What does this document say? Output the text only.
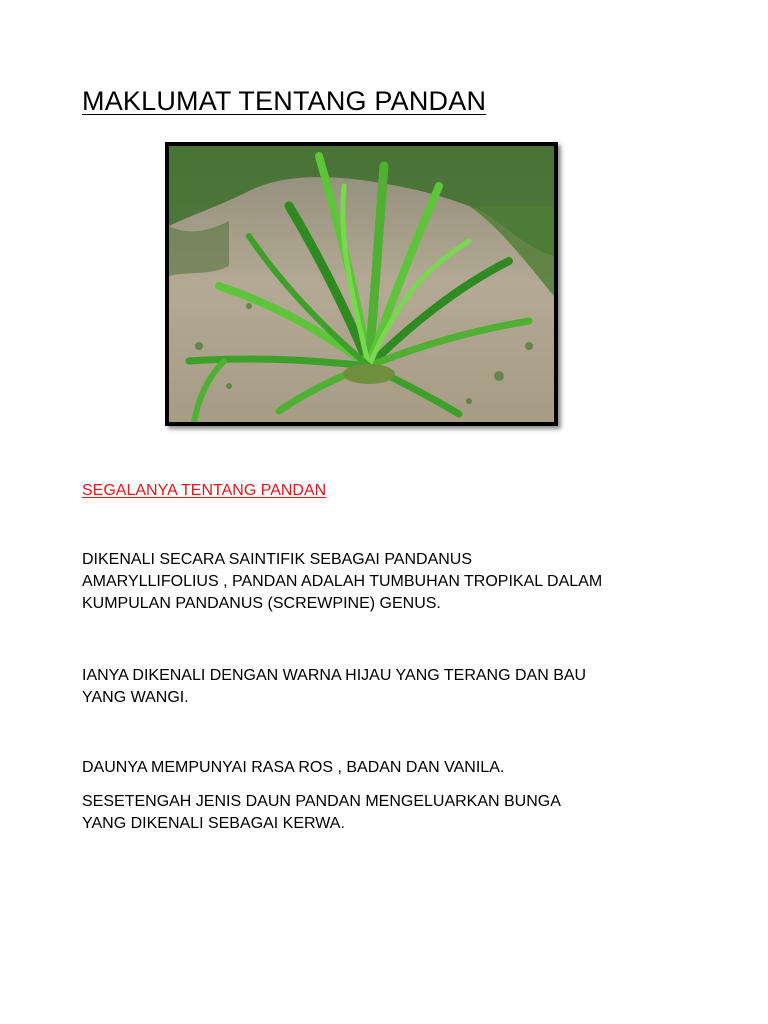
MAKLUMAT TENTANG PANDAN
SEGALANYA TENTANG PANDAN

DIKENALI SECARA SAINTIFIK SEBAGAI PANDANUS
AMARYLLIFOLIUS , PANDAN ADALAH TUMBUHAN TROPIKAL DALAM
KUMPULAN PANDANUS (SCREWPINE) GENUS.

IANYA DIKENALI DENGAN WARNA HIJAU YANG TERANG DAN BAU
YANG WANGI.

DAUNYA MEMPUNYAI RASA ROS , BADAN DAN VANILA.

SESETENGAH JENIS DAUN PANDAN MENGELUARKAN BUNGA
YANG DIKENALI SEBAGAI KERWA.
